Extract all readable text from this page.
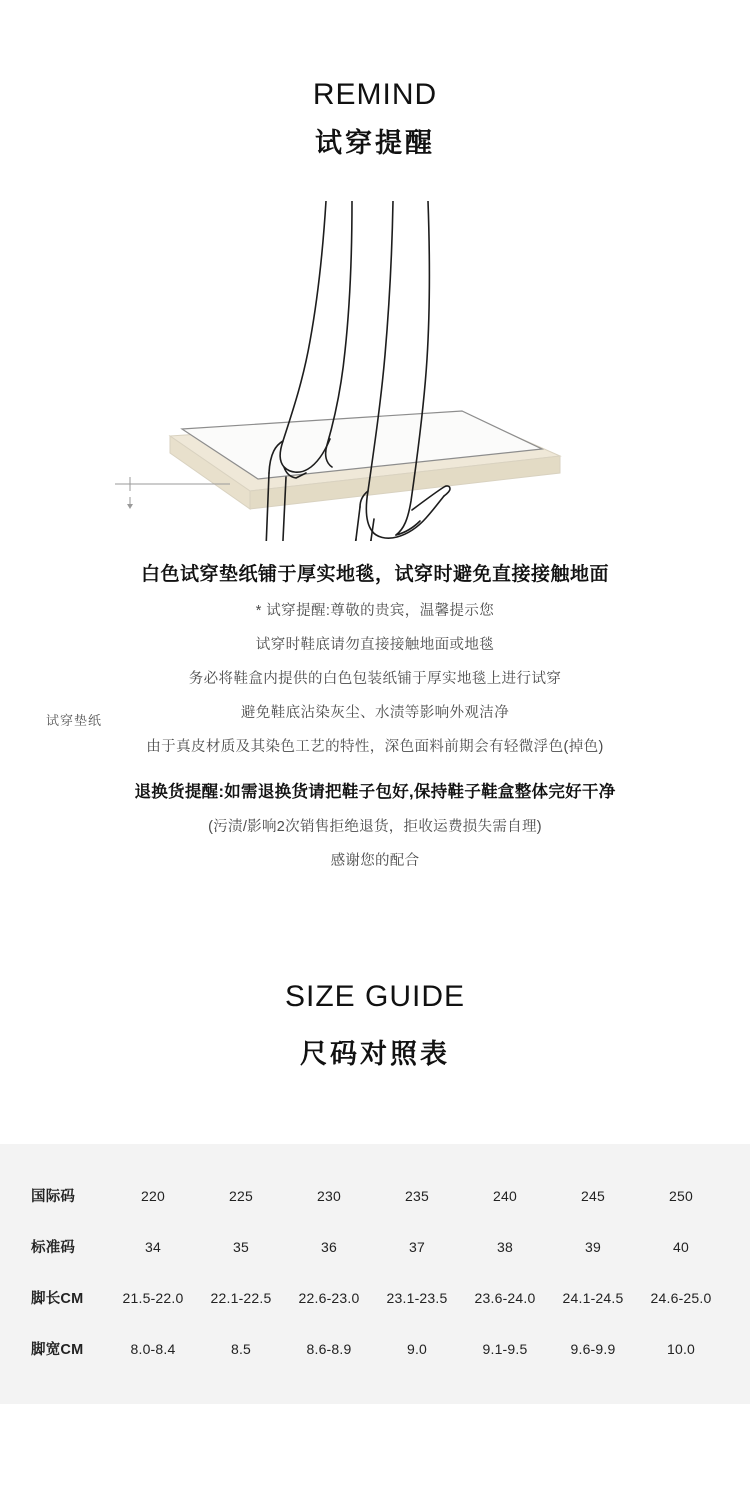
REMIND
试穿提醒
试穿垫纸
白色试穿垫纸铺于厚实地毯，试穿时避免直接接触地面
* 试穿提醒:尊敬的贵宾，温馨提示您
试穿时鞋底请勿直接接触地面或地毯
务必将鞋盒内提供的白色包装纸铺于厚实地毯上进行试穿
避免鞋底沾染灰尘、水渍等影响外观洁净
由于真皮材质及其染色工艺的特性，深色面料前期会有轻微浮色(掉色)
退换货提醒:如需退换货请把鞋子包好,保持鞋子鞋盒整体完好干净
(污渍/影响2次销售拒绝退货，拒收运费损失需自理)
感谢您的配合
SIZE GUIDE
尺码对照表
国际码	220	225	230	235	240	245	250
标准码	34	35	36	37	38	39	40
脚长CM	21.5-22.0	22.1-22.5	22.6-23.0	23.1-23.5	23.6-24.0	24.1-24.5	24.6-25.0
脚宽CM	8.0-8.4	8.5	8.6-8.9	9.0	9.1-9.5	9.6-9.9	10.0
